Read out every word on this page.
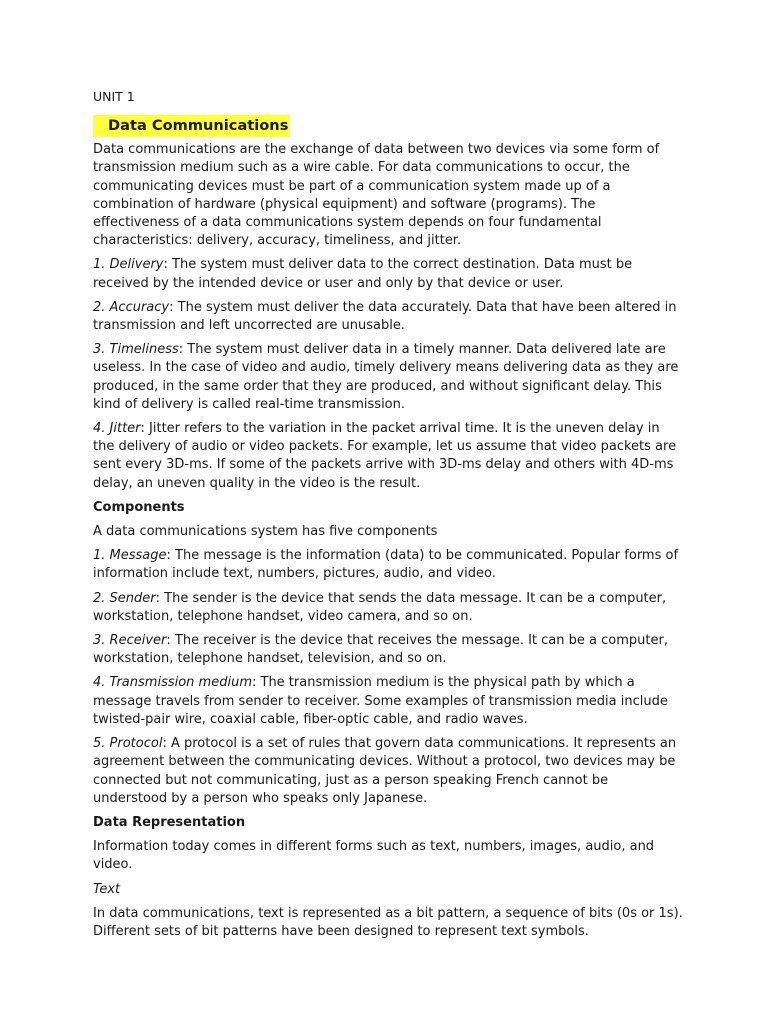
UNIT 1
Data Communications

Data communications are the exchange of data between two devices via some form of transmission medium such as a wire cable. For data communications to occur, the communicating devices must be part of a communication system made up of a combination of hardware (physical equipment) and software (programs). The effectiveness of a data communications system depends on four fundamental characteristics: delivery, accuracy, timeliness, and jitter.

1. Delivery: The system must deliver data to the correct destination. Data must be received by the intended device or user and only by that device or user.

2. Accuracy: The system must deliver the data accurately. Data that have been altered in transmission and left uncorrected are unusable.

3. Timeliness: The system must deliver data in a timely manner. Data delivered late are useless. In the case of video and audio, timely delivery means delivering data as they are produced, in the same order that they are produced, and without significant delay. This kind of delivery is called real-time transmission.

4. Jitter: Jitter refers to the variation in the packet arrival time. It is the uneven delay in the delivery of audio or video packets. For example, let us assume that video packets are sent every 3D-ms. If some of the packets arrive with 3D-ms delay and others with 4D-ms delay, an uneven quality in the video is the result.

Components

A data communications system has five components

1. Message: The message is the information (data) to be communicated. Popular forms of information include text, numbers, pictures, audio, and video.

2. Sender: The sender is the device that sends the data message. It can be a computer, workstation, telephone handset, video camera, and so on.

3. Receiver: The receiver is the device that receives the message. It can be a computer, workstation, telephone handset, television, and so on.

4. Transmission medium: The transmission medium is the physical path by which a message travels from sender to receiver. Some examples of transmission media include twisted-pair wire, coaxial cable, fiber-optic cable, and radio waves.

5. Protocol: A protocol is a set of rules that govern data communications. It represents an agreement between the communicating devices. Without a protocol, two devices may be connected but not communicating, just as a person speaking French cannot be understood by a person who speaks only Japanese.

Data Representation

Information today comes in different forms such as text, numbers, images, audio, and video.

Text

In data communications, text is represented as a bit pattern, a sequence of bits (0s or 1s). Different sets of bit patterns have been designed to represent text symbols.
